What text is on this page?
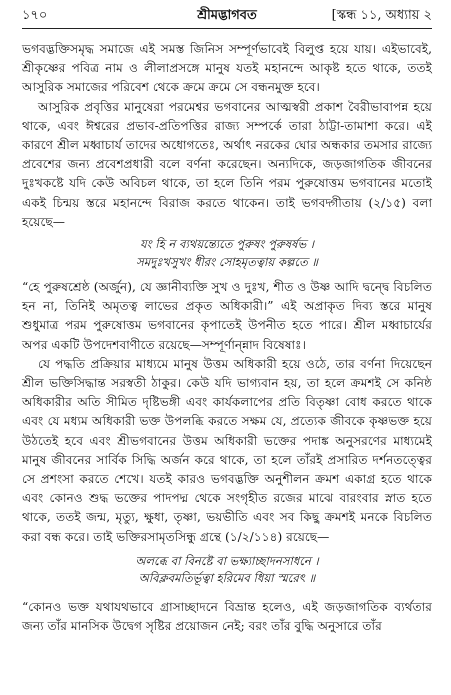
১৭০	শ্রীমদ্ভাগবত	[স্কন্ধ ১১, অধ্যায় ২

ভগবদ্ভক্তিসমৃদ্ধ সমাজে এই সমস্ত জিনিস সম্পূর্ণভাবেই বিলুপ্ত হয়ে যায়। এইভাবেই, শ্রীকৃষ্ণের পবিত্র নাম ও লীলাপ্রসঙ্গে মানুষ যতই মহানন্দে আকৃষ্ট হতে থাকে, ততই আসুরিক সমাজের পরিবেশ থেকে ক্রমে ক্রমে সে বন্ধনমুক্ত হবে।

আসুরিক প্রবৃত্তির মানুষেরা পরমেশ্বর ভগবানের আত্মস্বরী প্রকাশ বৈরীভাবাপন্ন হয়ে থাকে, এবং ঈশ্বরের প্রভাব-প্রতিপত্তির রাজ্য সম্পর্কে তারা ঠাট্টা-তামাশা করে। এই কারণে শ্রীল মধ্বাচার্য তাদের অধোগতেঃ, অর্থাৎ নরকের ঘোর অন্ধকার তমসার রাজ্যে প্রবেশের জন্য প্রবেশপ্রধারী বলে বর্ণনা করেছেন। অন্যদিকে, জড়জাগতিক জীবনের দুঃখকষ্টে যদি কেউ অবিচল থাকে, তা হলে তিনি পরম পুরুষোত্তম ভগবানের মতোই একই চিন্ময় স্তরে মহানন্দে বিরাজ করতে থাকেন। তাই ভগবদ্গীতায় (২/১৫) বলা হয়েছে—

যং হি ন ব্যথয়ন্ত্যেতে পুরুষং পুরুষর্ষভ ।
সমদুঃখসুখং ধীরং সোহমৃতত্বায় কল্পতে ॥

“হে পুরুষশ্রেষ্ঠ (অর্জুন), যে জ্ঞানীব্যক্তি সুখ ও দুঃখ, শীত ও উষ্ণ আদি দ্বন্দ্বে বিচলিত হন না, তিনিই অমৃতত্ব লাভের প্রকৃত অধিকারী।” এই অপ্রাকৃত দিব্য স্তরে মানুষ শুধুমাত্র পরম পুরুষোত্তম ভগবানের কৃপাতেই উপনীত হতে পারে। শ্রীল মধ্বাচার্যের অপর একটি উপদেশবাণীতে রয়েছে—সম্পূর্ণান্ন্নাদ বিষেষাঃ।

যে পদ্ধতি প্রক্রিয়ার মাধ্যমে মানুষ উত্তম অধিকারী হয়ে ওঠে, তার বর্ণনা দিয়েছেন শ্রীল ভক্তিসিদ্ধান্ত সরস্বতী ঠাকুর। কেউ যদি ভাগ্যবান হয়, তা হলে ক্রমশই সে কনিষ্ঠ অধিকারীর অতি সীমিত দৃষ্টিভঙ্গী এবং কার্যকলাপের প্রতি বিতৃষ্ণা বোধ করতে থাকে এবং যে মধ্যম অধিকারী ভক্ত উপলব্ধি করতে সক্ষম যে, প্রত্যেক জীবকে কৃষ্ণভক্ত হয়ে উঠতেই হবে এবং শ্রীভগবানের উত্তম অধিকারী ভক্তের পদাঙ্ক অনুসরণের মাধ্যমেই মানুষ জীবনের সার্বিক সিদ্ধি অর্জন করে থাকে, তা হলে তাঁরই প্রসারিত দর্শনতত্ত্বের সে প্রশংসা করতে শেখে। যতই কারও ভগবদ্ভক্তি অনুশীলন ক্রমশ একাগ্র হতে থাকে এবং কোনও শুদ্ধ ভক্তের পাদপদ্ম থেকে সংগৃহীত রজের মাঝে বারংবার স্নাত হতে থাকে, ততই জন্ম, মৃত্যু, ক্ষুধা, তৃষ্ণা, ভয়ভীতি এবং সব কিছু ক্রমশই মনকে বিচলিত করা বন্ধ করে। তাই ভক্তিরসামৃতসিন্ধু গ্রন্থে (১/২/১১৪) রয়েছে—

অলব্ধে বা বিনষ্টে বা ভক্ষ্যাচ্ছাদনসাধনে ।
অবিক্লবমতির্ভূত্বা হরিমেব ধিয়া স্মরেৎ ॥

“কোনও ভক্ত যথাযথভাবে গ্রাসাচ্ছাদনে বিভ্রান্ত হলেও, এই জড়জাগতিক ব্যর্থতার জন্য তাঁর মানসিক উদ্বেগ সৃষ্টির প্রয়োজন নেই; বরং তাঁর বুদ্ধি অনুসারে তাঁর
